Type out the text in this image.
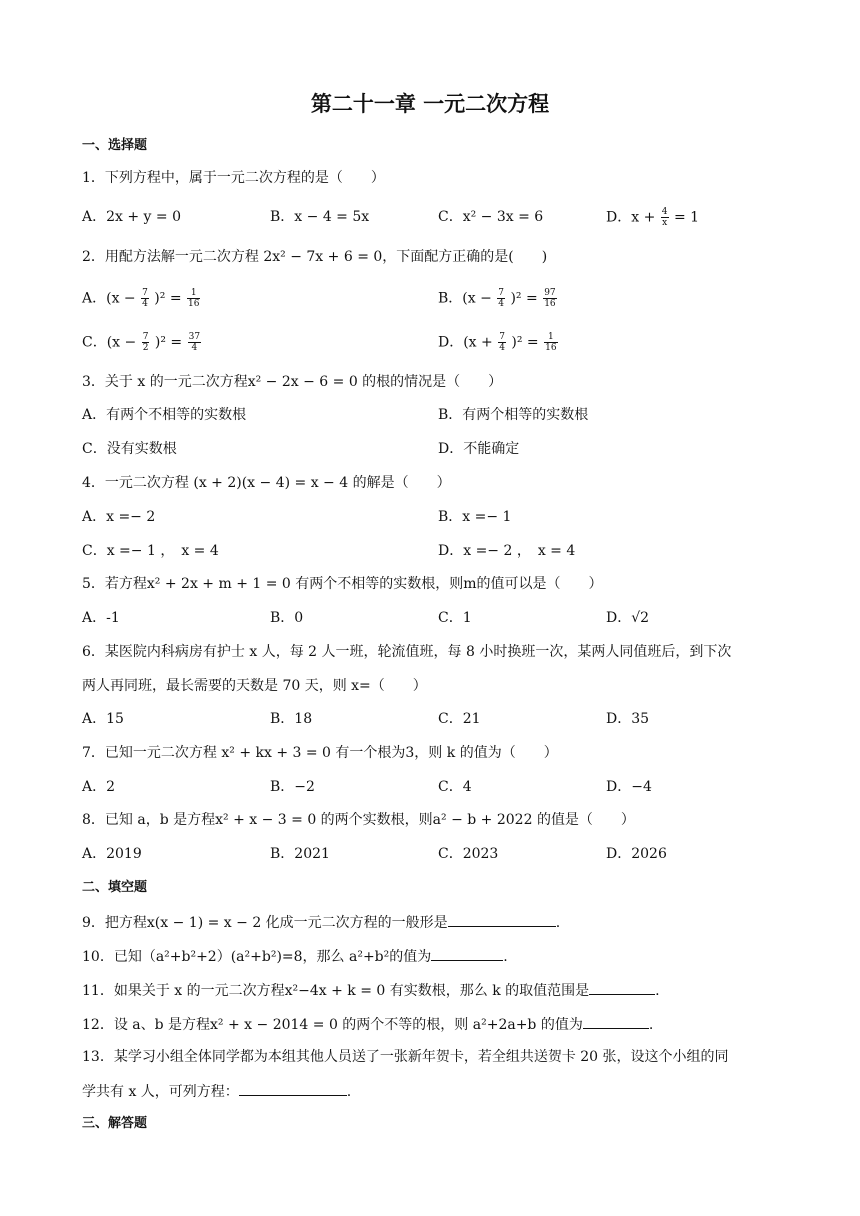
第二十一章 一元二次方程
一、选择题
1．下列方程中，属于一元二次方程的是（　　）
A．2x + y = 0	B．x − 4 = 5x	C．x² − 3x = 6	D．$x + \frac{4}{x} = 1$
2．用配方法解一元二次方程 2x² − 7x + 6 = 0，下面配方正确的是(　　)
A．$(x - \frac{7}{4} )^2 = \frac{1}{16}$	B．$(x - \frac{7}{4} )^2 = \frac{97}{16}$
C．$(x - \frac{7}{2} )^2 = \frac{37}{4}$	D．$(x + \frac{7}{4} )^2 = \frac{1}{16}$
3．关于 x 的一元二次方程x² − 2x − 6 = 0 的根的情况是（　　）
A．有两个不相等的实数根	B．有两个相等的实数根
C．没有实数根	D．不能确定
4．一元二次方程 (x + 2)(x − 4) = x − 4 的解是（　　）
A．x =− 2	B．x =− 1
C．x =− 1 ，　x = 4	D．x =− 2 ，　x = 4
5．若方程x² + 2x + m + 1 = 0 有两个不相等的实数根，则m的值可以是（　　）
A．-1	B．0	C．1	D．√2
6．某医院内科病房有护士 x 人，每 2 人一班，轮流值班，每 8 小时换班一次，某两人同值班后，到下次
两人再同班，最长需要的天数是 70 天，则 x=（　　）
A．15	B．18	C．21	D．35
7．已知一元二次方程 x² + kx + 3 = 0 有一个根为3，则 k 的值为（　　）
A．2	B．−2	C．4	D．−4
8．已知 a，b 是方程x² + x − 3 = 0 的两个实数根，则a² − b + 2022 的值是（　　）
A．2019	B．2021	C．2023	D．2026
二、填空题
9．把方程x(x − 1) = x − 2 化成一元二次方程的一般形是	.
10．已知（a²+b²+2）(a²+b²)=8，那么 a²+b²的值为	.
11．如果关于 x 的一元二次方程x²−4x + k = 0 有实数根，那么 k 的取值范围是	.
12．设 a、b 是方程x² + x − 2014 = 0 的两个不等的根，则 a²+2a+b 的值为	.
13．某学习小组全体同学都为本组其他人员送了一张新年贺卡，若全组共送贺卡 20 张，设这个小组的同
学共有 x 人，可列方程：	.
三、解答题
